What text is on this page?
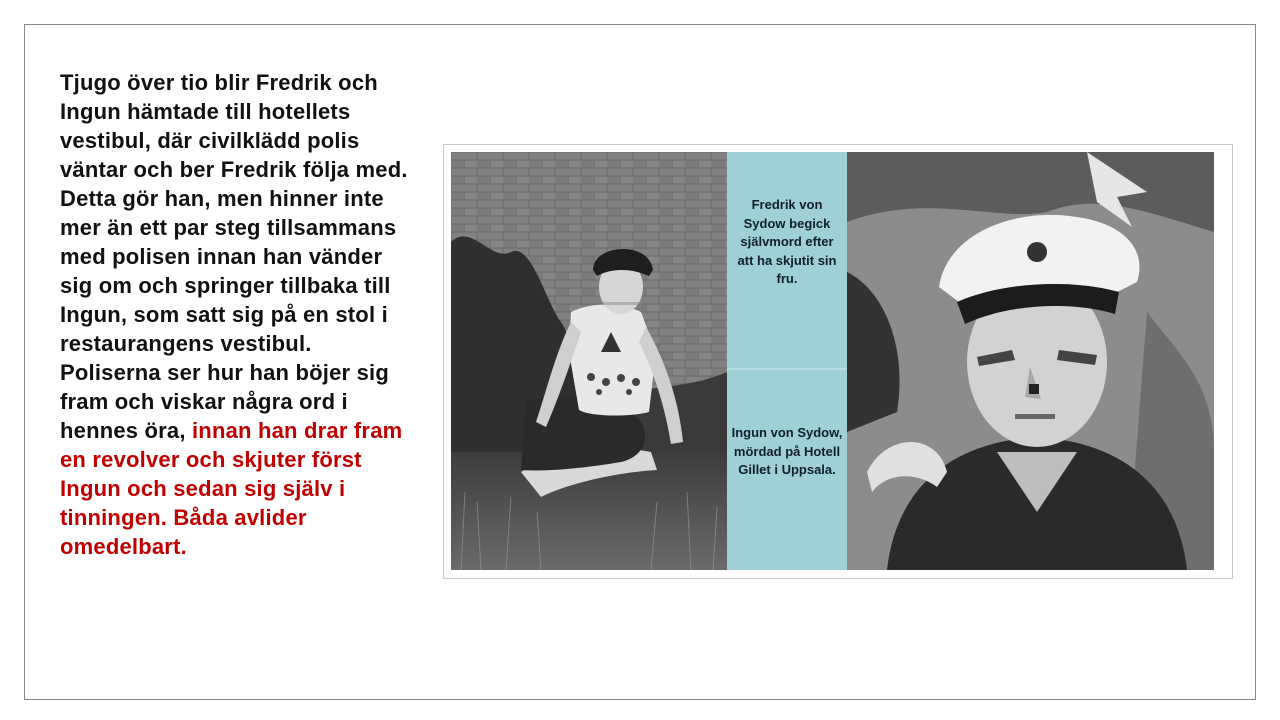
Tjugo över tio blir Fredrik och Ingun hämtade till hotellets vestibul, där civilklädd polis väntar och ber Fredrik följa med. Detta gör han, men hinner inte mer än ett par steg tillsammans med polisen innan han vänder sig om och springer tillbaka till Ingun, som satt sig på en stol i restaurangens vestibul. Poliserna ser hur han böjer sig fram och viskar några ord i hennes öra, innan han drar fram en revolver och skjuter först Ingun och sedan sig själv i tinningen. Båda avlider omedelbart.
Fredrik von Sydow begick självmord efter att ha skjutit sin fru.
Ingun von Sydow, mördad på Hotell Gillet i Uppsala.
